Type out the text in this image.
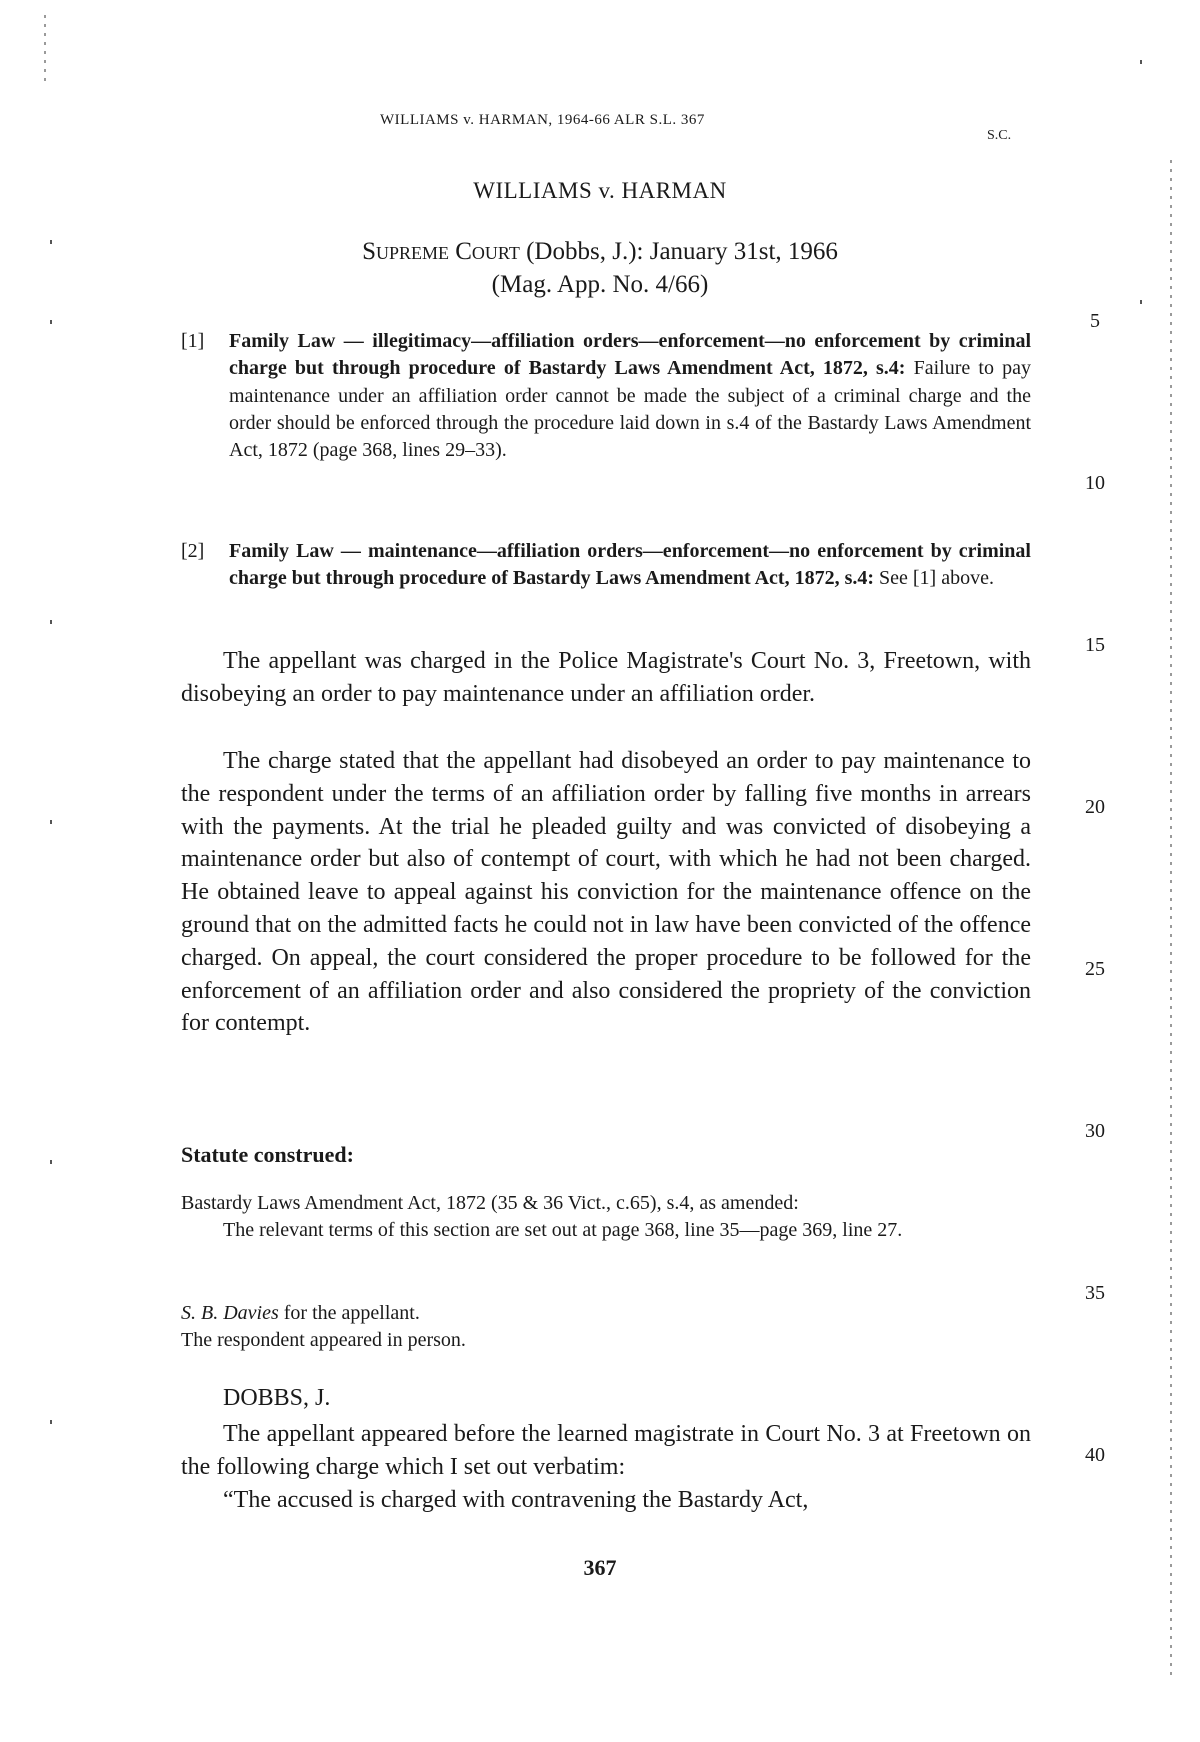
WILLIAMS v. HARMAN, 1964-66 ALR S.L. 367
S.C.
WILLIAMS v. HARMAN
Supreme Court (Dobbs, J.): January 31st, 1966
(Mag. App. No. 4/66)
[1] Family Law — illegitimacy—affiliation orders—enforcement—no enforcement by criminal charge but through procedure of Bastardy Laws Amendment Act, 1872, s.4: Failure to pay maintenance under an affiliation order cannot be made the subject of a criminal charge and the order should be enforced through the procedure laid down in s.4 of the Bastardy Laws Amendment Act, 1872 (page 368, lines 29–33).
[2] Family Law — maintenance—affiliation orders—enforcement—no enforcement by criminal charge but through procedure of Bastardy Laws Amendment Act, 1872, s.4: See [1] above.

The appellant was charged in the Police Magistrate's Court No. 3, Freetown, with disobeying an order to pay maintenance under an affiliation order.

The charge stated that the appellant had disobeyed an order to pay maintenance to the respondent under the terms of an affiliation order by falling five months in arrears with the payments. At the trial he pleaded guilty and was convicted of disobeying a maintenance order but also of contempt of court, with which he had not been charged. He obtained leave to appeal against his conviction for the maintenance offence on the ground that on the admitted facts he could not in law have been convicted of the offence charged. On appeal, the court considered the proper procedure to be followed for the enforcement of an affiliation order and also considered the propriety of the conviction for contempt.

Statute construed:
Bastardy Laws Amendment Act, 1872 (35 & 36 Vict., c.65), s.4, as amended:
The relevant terms of this section are set out at page 368, line 35—page 369, line 27.
S. B. Davies for the appellant.
The respondent appeared in person.
DOBBS, J.

The appellant appeared before the learned magistrate in Court No. 3 at Freetown on the following charge which I set out verbatim:

“The accused is charged with contravening the Bastardy Act,

5
10
15
20
25
30
35
40
367
